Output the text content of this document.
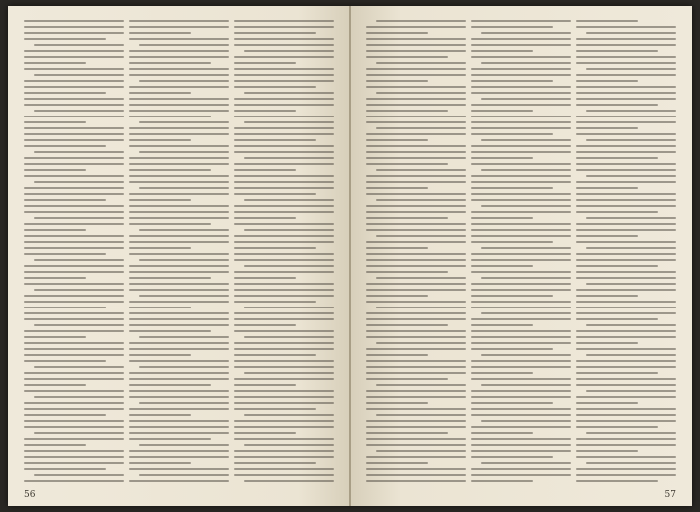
56	57
